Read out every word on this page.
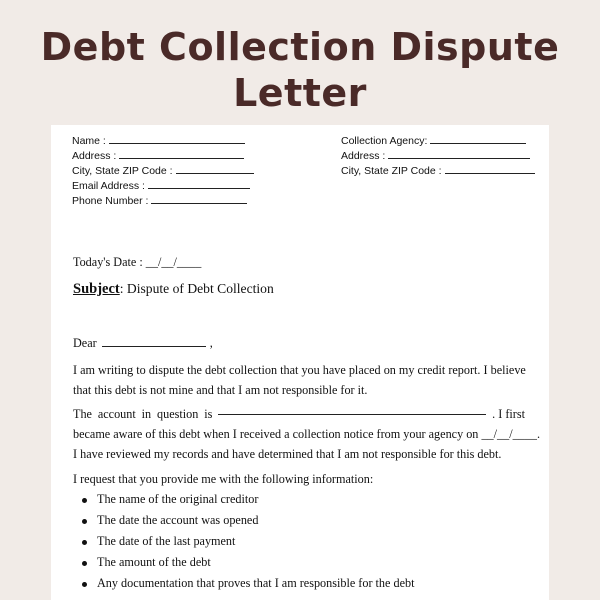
Debt Collection Dispute
Letter
Name :
Address :
City, State ZIP Code :
Email Address :
Phone Number :
Collection Agency:
Address :
City, State ZIP Code :
Today's Date : __/__/____
Subject: Dispute of Debt Collection
Dear	,
I am writing to dispute the debt collection that you have placed on my credit report. I believe
that this debt is not mine and that I am not responsible for it.
The account in question is	. I first
became aware of this debt when I received a collection notice from your agency on __/__/____.
I have reviewed my records and have determined that I am not responsible for this debt.
I request that you provide me with the following information:
The name of the original creditor
The date the account was opened
The date of the last payment
The amount of the debt
Any documentation that proves that I am responsible for the debt
